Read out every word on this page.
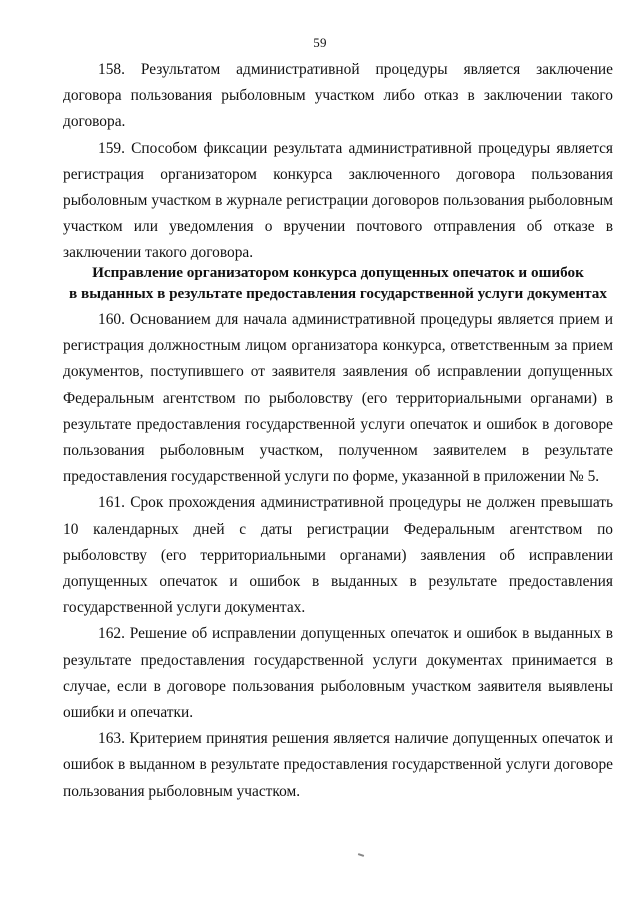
59

158. Результатом административной процедуры является заключение договора пользования рыболовным участком либо отказ в заключении такого договора.

159. Способом фиксации результата административной процедуры является регистрация организатором конкурса заключенного договора пользования рыболовным участком в журнале регистрации договоров пользования рыболовным участком или уведомления о вручении почтового отправления об отказе в заключении такого договора.

Исправление организатором конкурса допущенных опечаток и ошибок
в выданных в результате предоставления государственной услуги документах

160. Основанием для начала административной процедуры является прием и регистрация должностным лицом организатора конкурса, ответственным за прием документов, поступившего от заявителя заявления об исправлении допущенных Федеральным агентством по рыболовству (его территориальными органами) в результате предоставления государственной услуги опечаток и ошибок в договоре пользования рыболовным участком, полученном заявителем в результате предоставления государственной услуги по форме, указанной в приложении № 5.

161. Срок прохождения административной процедуры не должен превышать 10 календарных дней с даты регистрации Федеральным агентством по рыболовству (его территориальными органами) заявления об исправлении допущенных опечаток и ошибок в выданных в результате предоставления государственной услуги документах.

162. Решение об исправлении допущенных опечаток и ошибок в выданных в результате предоставления государственной услуги документах принимается в случае, если в договоре пользования рыболовным участком заявителя выявлены ошибки и опечатки.

163. Критерием принятия решения является наличие допущенных опечаток и ошибок в выданном в результате предоставления государственной услуги договоре пользования рыболовным участком.
